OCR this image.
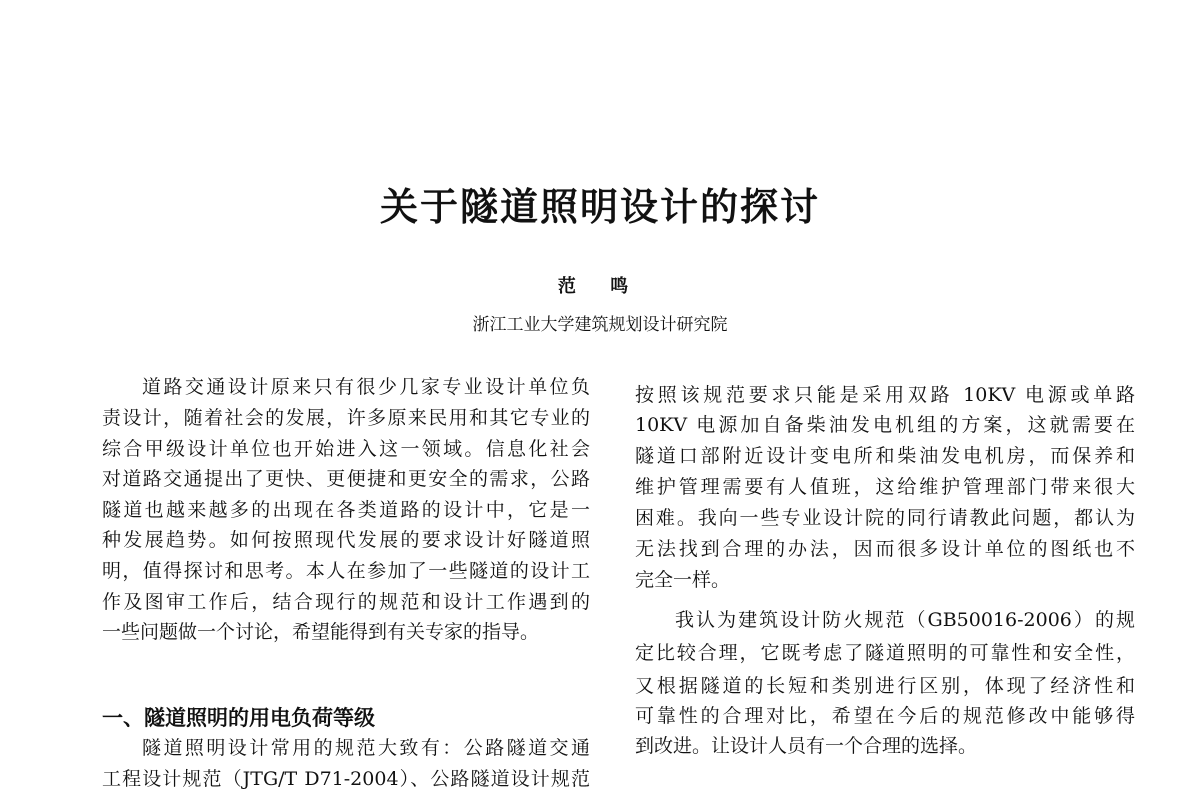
关于隧道照明设计的探讨
范 鸣
浙江工业大学建筑规划设计研究院
道路交通设计原来只有很少几家专业设计单位负
责设计，随着社会的发展，许多原来民用和其它专业的
综合甲级设计单位也开始进入这一领域。信息化社会
对道路交通提出了更快、更便捷和更安全的需求，公路
隧道也越来越多的出现在各类道路的设计中，它是一
种发展趋势。如何按照现代发展的要求设计好隧道照
明，值得探讨和思考。本人在参加了一些隧道的设计工
作及图审工作后，结合现行的规范和设计工作遇到的
一些问题做一个讨论，希望能得到有关专家的指导。
一、隧道照明的用电负荷等级
隧道照明设计常用的规范大致有：公路隧道交通
工程设计规范（JTG/T D71-2004）、公路隧道设计规范
按照该规范要求只能是采用双路 10KV 电源或单路
10KV 电源加自备柴油发电机组的方案，这就需要在
隧道口部附近设计变电所和柴油发电机房，而保养和
维护管理需要有人值班，这给维护管理部门带来很大
困难。我向一些专业设计院的同行请教此问题，都认为
无法找到合理的办法，因而很多设计单位的图纸也不
完全一样。
我认为建筑设计防火规范（GB50016-2006）的规
定比较合理，它既考虑了隧道照明的可靠性和安全性，
又根据隧道的长短和类别进行区别，体现了经济性和
可靠性的合理对比，希望在今后的规范修改中能够得
到改进。让设计人员有一个合理的选择。
